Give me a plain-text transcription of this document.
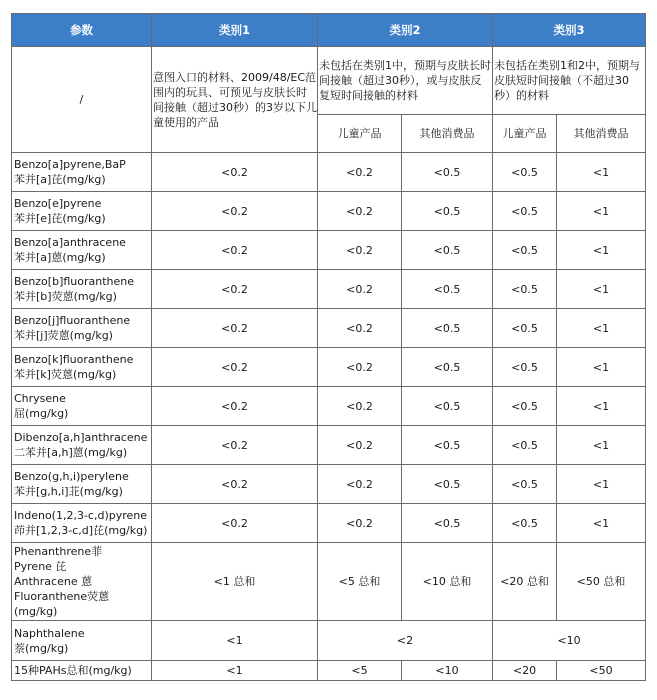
参数	类别1	类别2		类别3	
/	意图入口的材料、2009/48/EC范围内的玩具、可预见与皮肤长时间接触（超过30秒）的3岁以下儿童使用的产品	未包括在类别1中，预期与皮肤长时间接触（超过30秒），或与皮肤反复短时间接触的材料		未包括在类别1和2中，预期与皮肤短时间接触（不超过30秒）的材料	
		儿童产品	其他消费品	儿童产品	其他消费品

Benzo[a]pyrene,BaP
苯并[a]芘(mg/kg)	<0.2	<0.2	<0.5	<0.5	<1

Benzo[e]pyrene
苯并[e]芘(mg/kg)	<0.2	<0.2	<0.5	<0.5	<1

Benzo[a]anthracene
苯并[a]蒽(mg/kg)	<0.2	<0.2	<0.5	<0.5	<1

Benzo[b]fluoranthene
苯并[b]荧蒽(mg/kg)	<0.2	<0.2	<0.5	<0.5	<1

Benzo[j]fluoranthene
苯并[j]荧蒽(mg/kg)	<0.2	<0.2	<0.5	<0.5	<1

Benzo[k]fluoranthene
苯并[k]荧蒽(mg/kg)	<0.2	<0.2	<0.5	<0.5	<1

Chrysene
屈(mg/kg)	<0.2	<0.2	<0.5	<0.5	<1

Dibenzo[a,h]anthracene
二苯并[a,h]蒽(mg/kg)	<0.2	<0.2	<0.5	<0.5	<1

Benzo(g,h,i)perylene
苯并[g,h,i]苝(mg/kg)	<0.2	<0.2	<0.5	<0.5	<1

Indeno(1,2,3-c,d)pyrene
茚并[1,2,3-c,d]芘(mg/kg)	<0.2	<0.2	<0.5	<0.5	<1

Phenanthrene菲
Pyrene 芘
Anthracene 蒽
Fluoranthene荧蒽(mg/kg)	<1 总和	<5 总和	<10 总和	<20 总和	<50 总和

Naphthalene
萘(mg/kg)	<1	<2		<10	
15种PAHs总和(mg/kg)	<1	<5	<10	<20	<50
